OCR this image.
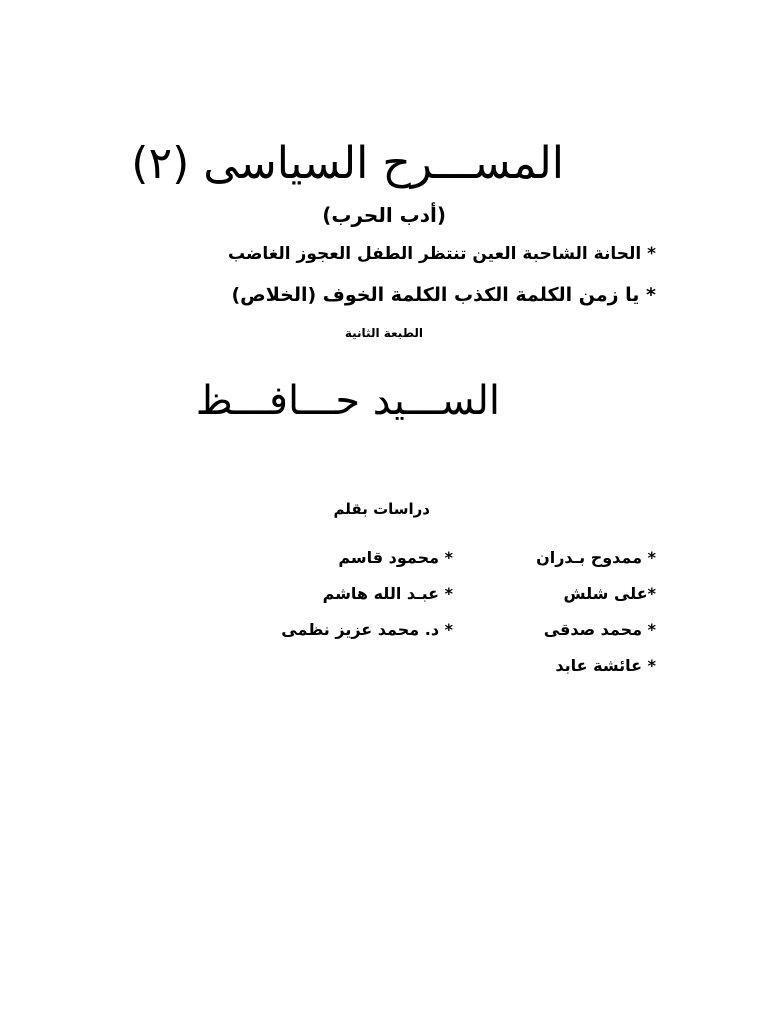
المســـرح السياسى (٢)
(أدب الحرب)
* الحانة الشاحبة العين تنتظر الطفل العجوز الغاضب
* يا زمن الكلمة الكذب الكلمة الخوف (الخلاص)
الطبعة الثانية
الســـيد حـــافـــظ
دراسات بقلم
* ممدوح بـدران
*على شلش
* محمد صدقى
* عائشة عابد
* محمود قاسم
* عبـد الله هاشم
* د. محمد عزيز نظمى
